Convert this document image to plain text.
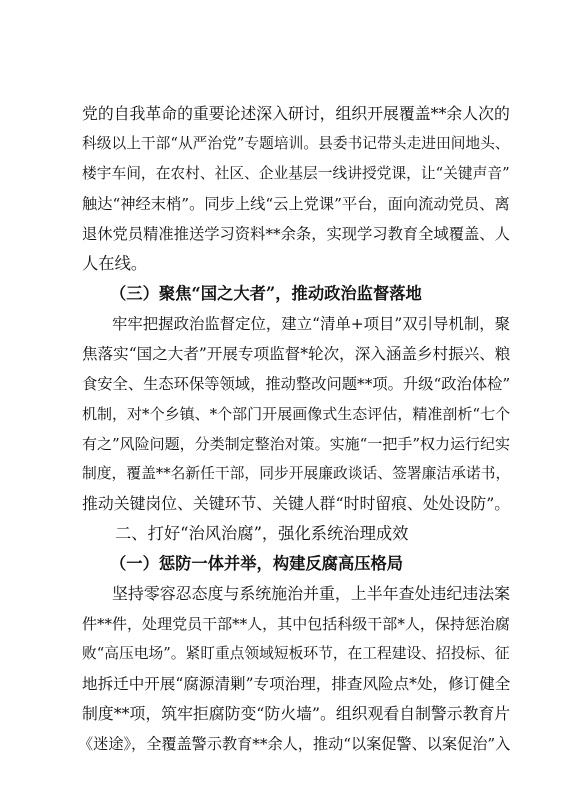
党的自我革命的重要论述深入研讨，组织开展覆盖**余人次的
科级以上干部“从严治党”专题培训。县委书记带头走进田间地头、
楼宇车间，在农村、社区、企业基层一线讲授党课，让“关键声音”
触达“神经末梢”。同步上线“云上党课”平台，面向流动党员、离
退休党员精准推送学习资料**余条，实现学习教育全域覆盖、人
人在线。
（三）聚焦“国之大者”，推动政治监督落地
牢牢把握政治监督定位，建立“清单+项目”双引导机制，聚
焦落实“国之大者”开展专项监督*轮次，深入涵盖乡村振兴、粮
食安全、生态环保等领域，推动整改问题**项。升级“政治体检”
机制，对*个乡镇、*个部门开展画像式生态评估，精准剖析“七个
有之”风险问题，分类制定整治对策。实施“一把手”权力运行纪实
制度，覆盖**名新任干部，同步开展廉政谈话、签署廉洁承诺书，
推动关键岗位、关键环节、关键人群“时时留痕、处处设防”。
二、打好“治风治腐”，强化系统治理成效
（一）惩防一体并举，构建反腐高压格局
坚持零容忍态度与系统施治并重，上半年查处违纪违法案
件**件，处理党员干部**人，其中包括科级干部*人，保持惩治腐
败“高压电场”。紧盯重点领域短板环节，在工程建设、招投标、征
地拆迁中开展“腐源清剿”专项治理，排查风险点*处，修订健全
制度**项，筑牢拒腐防变“防火墙”。组织观看自制警示教育片
《迷途》，全覆盖警示教育**余人，推动“以案促警、以案促治”入
